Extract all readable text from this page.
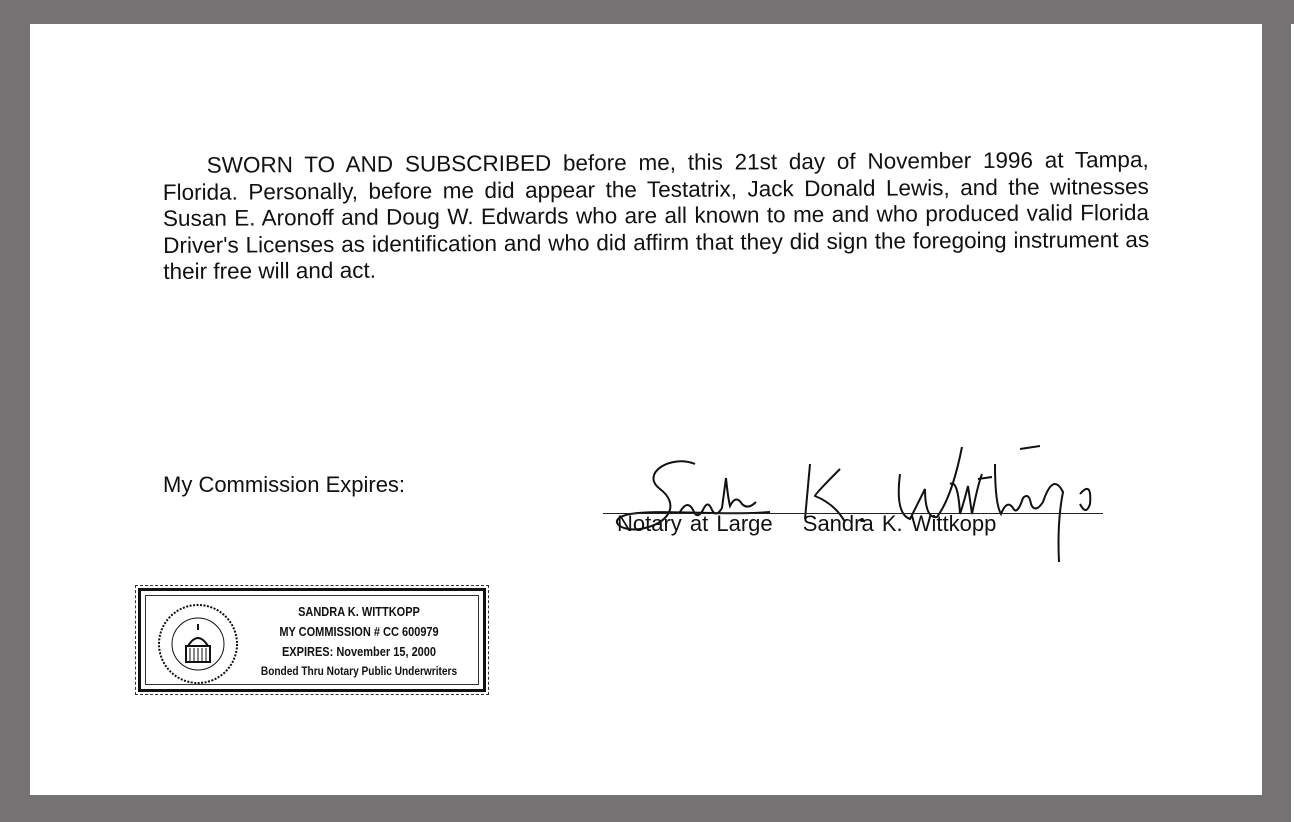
SWORN TO AND SUBSCRIBED before me, this 21st day of November 1996 at Tampa, Florida. Personally, before me did appear the Testatrix, Jack Donald Lewis, and the witnesses Susan E. Aronoff and Doug W. Edwards who are all known to me and who produced valid Florida Driver's Licenses as identification and who did affirm that they did sign the foregoing instrument as their free will and act.

My Commission Expires:
Notary at Large Sandra K. Wittkopp
SANDRA K. WITTKOPP
MY COMMISSION # CC 600979
EXPIRES: November 15, 2000
Bonded Thru Notary Public Underwriters
